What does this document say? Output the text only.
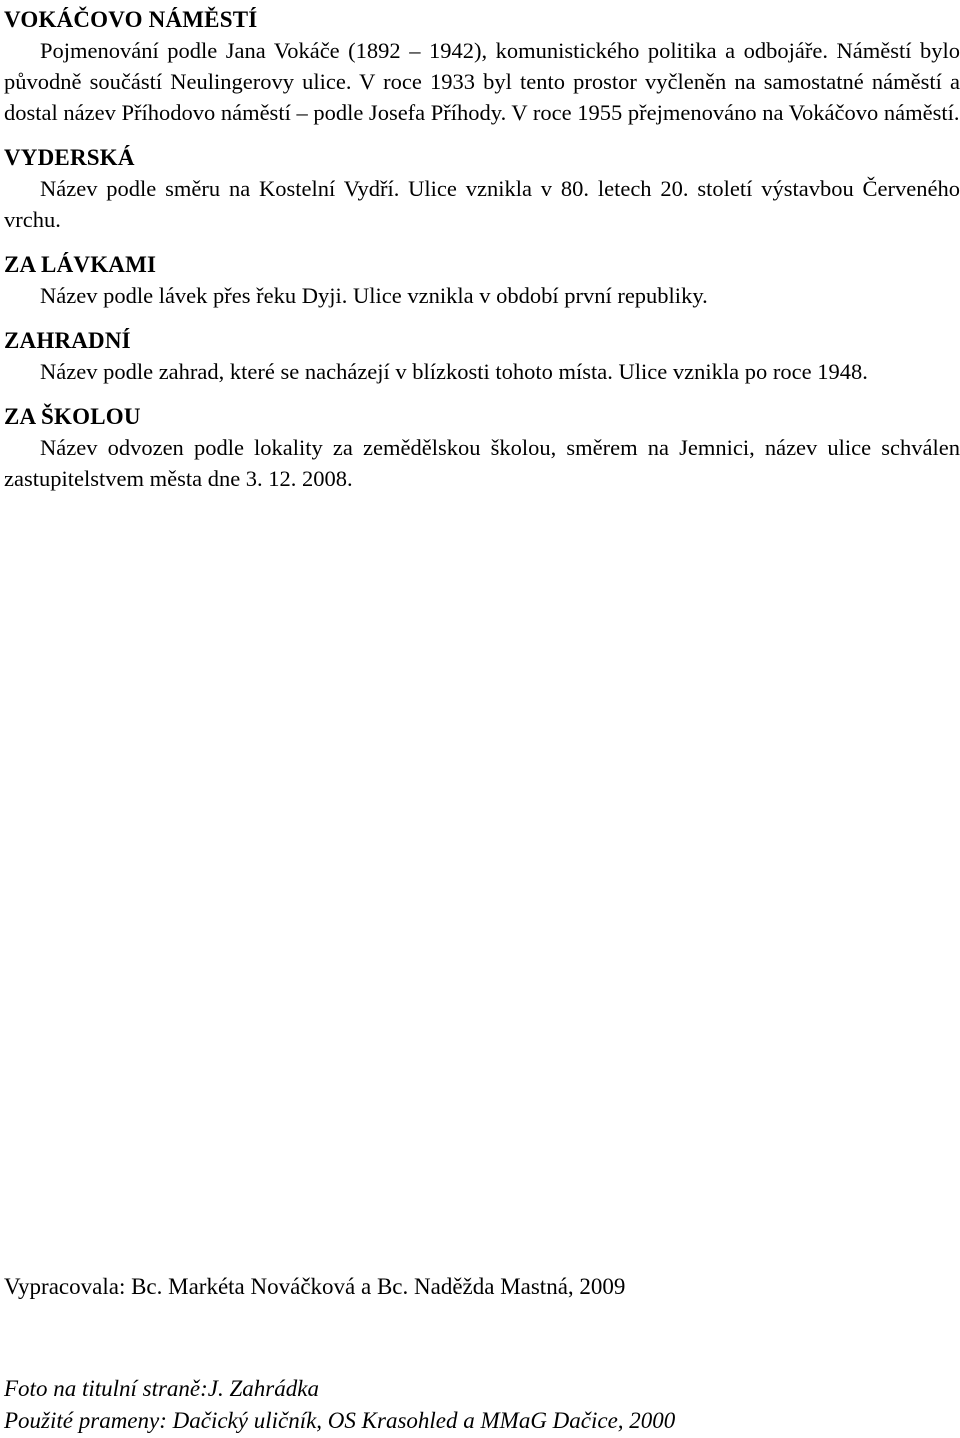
VOKÁČOVO NÁMĚSTÍ

Pojmenování podle Jana Vokáče (1892 – 1942), komunistického politika a odbojáře. Náměstí bylo původně součástí Neulingerovy ulice. V roce 1933 byl tento prostor vyčleněn na samostatné náměstí a dostal název Příhodovo náměstí – podle Josefa Příhody. V roce 1955 přejmenováno na Vokáčovo náměstí.

VYDERSKÁ

Název podle směru na Kostelní Vydří. Ulice vznikla v 80. letech 20. století výstavbou Červeného vrchu.

ZA LÁVKAMI

Název podle lávek přes řeku Dyji. Ulice vznikla v období první republiky.

ZAHRADNÍ

Název podle zahrad, které se nacházejí v blízkosti tohoto místa. Ulice vznikla po roce 1948.

ZA ŠKOLOU

Název odvozen podle lokality za zemědělskou školou, směrem na Jemnici, název ulice schválen zastupitelstvem města dne 3. 12. 2008.

Vypracovala: Bc. Markéta Nováčková a Bc. Naděžda Mastná, 2009

Foto na titulní straně:J. Zahrádka
Použité prameny: Dačický uličník, OS Krasohled a MMaG Dačice, 2000
